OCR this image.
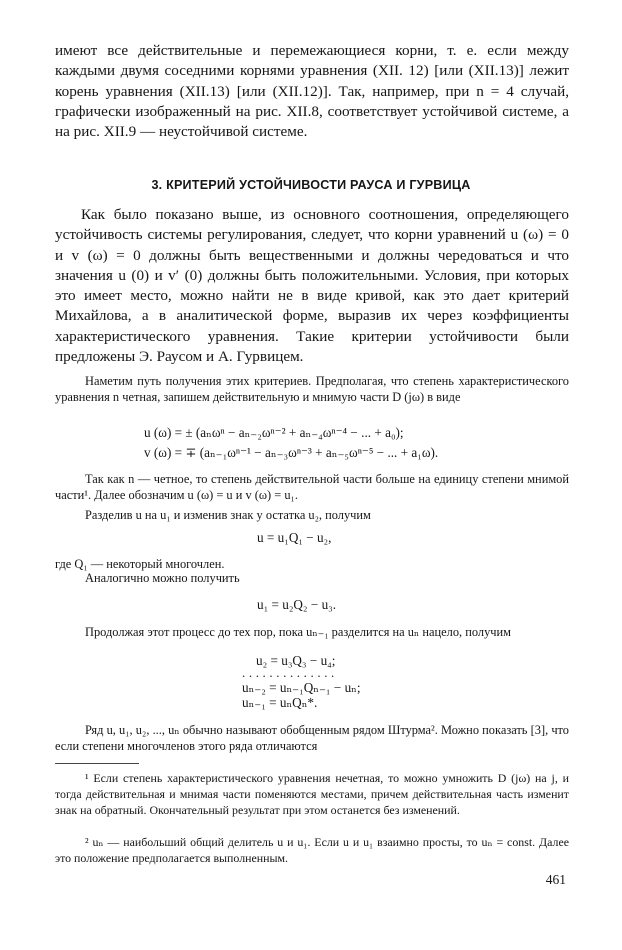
имеют все действительные и перемежающиеся корни, т. е. если между каждыми двумя соседними корнями уравнения (XII. 12) [или (XII.13)] лежит корень уравнения (XII.13) [или (XII.12)]. Так, например, при n = 4 случай, графически изображенный на рис. XII.8, соответствует устойчивой системе, а на рис. XII.9 — неустойчивой системе.

3. КРИТЕРИЙ УСТОЙЧИВОСТИ РАУСА И ГУРВИЦА

Как было показано выше, из основного соотношения, определяющего устойчивость системы регулирования, следует, что корни уравнений u (ω) = 0 и v (ω) = 0 должны быть вещественными и должны чередоваться и что значения u (0) и v′ (0) должны быть положительными. Условия, при которых это имеет место, можно найти не в виде кривой, как это дает критерий Михайлова, а в аналитической форме, выразив их через коэффициенты характеристического уравнения. Такие критерии устойчивости были предложены Э. Раусом и А. Гурвицем.

Наметим путь получения этих критериев. Предполагая, что степень характеристического уравнения n четная, запишем действительную и мнимую части D (jω) в виде

u (ω) = ± (aₙωⁿ − aₙ₋₂ωⁿ⁻² + aₙ₋₄ωⁿ⁻⁴ − ... + a₀);
v (ω) = ∓ (aₙ₋₁ωⁿ⁻¹ − aₙ₋₃ωⁿ⁻³ + aₙ₋₅ωⁿ⁻⁵ − ... + a₁ω).

Так как n — четное, то степень действительной части больше на единицу степени мнимой части¹. Далее обозначим u (ω) = u и v (ω) = u₁.

Разделив u на u₁ и изменив знак у остатка u₂, получим

u = u₁Q₁ − u₂,

где Q₁ — некоторый многочлен.

Аналогично можно получить

u₁ = u₂Q₂ − u₃.

Продолжая этот процесс до тех пор, пока uₙ₋₁ разделится на uₙ нацело, получим

u₂ = u₃Q₃ − u₄;
..............
uₙ₋₂ = uₙ₋₁Qₙ₋₁ − uₙ;
uₙ₋₁ = uₙQₙ*.

Ряд u, u₁, u₂, ..., uₙ обычно называют обобщенным рядом Штурма². Можно показать [3], что если степени многочленов этого ряда отличаются

¹ Если степень характеристического уравнения нечетная, то можно умножить D (jω) на j, и тогда действительная и мнимая части поменяются местами, причем действительная часть изменит знак на обратный. Окончательный результат при этом останется без изменений.

² uₙ — наибольший общий делитель u и u₁. Если u и u₁ взаимно просты, то uₙ = const. Далее это положение предполагается выполненным.

461
